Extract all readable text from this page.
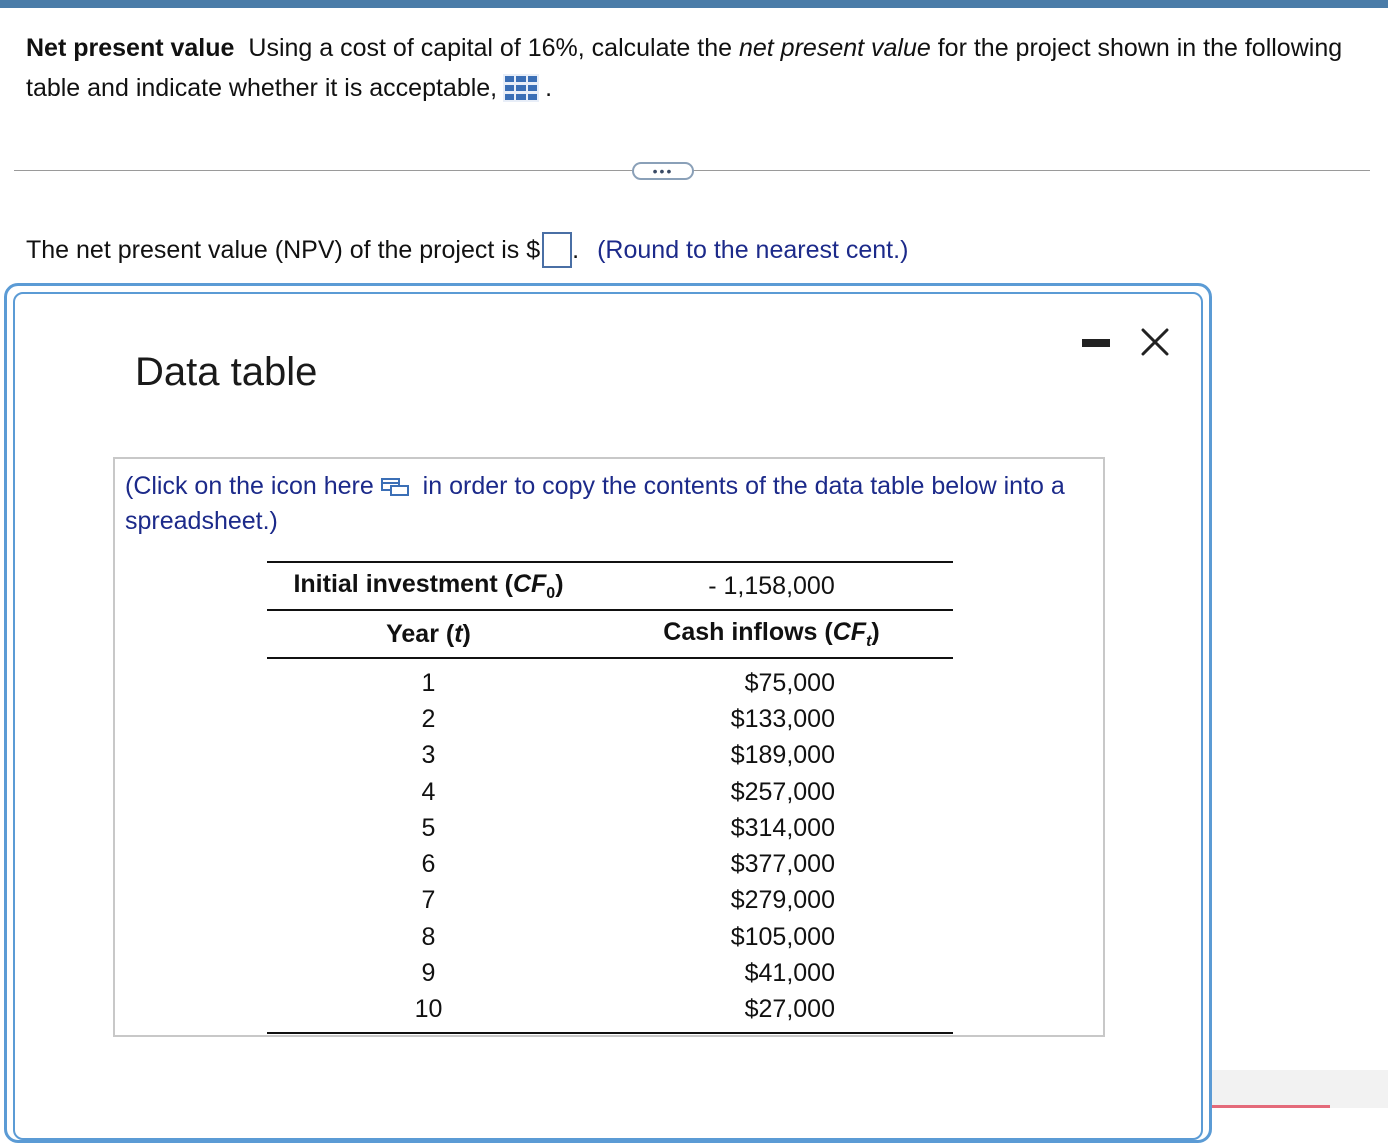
Net present value Using a cost of capital of 16%, calculate the net present value for the project shown in the following table and indicate whether it is acceptable, .
•••
The net present value (NPV) of the project is $ . (Round to the nearest cent.)
Data table
(Click on the icon here in order to copy the contents of the data table below into a spreadsheet.)
Initial investment $(CF_0)$	- 1,158,000
Year (t)	Cash inflows $(CF_t)$
1	$75,000
2	$133,000
3	$189,000
4	$257,000
5	$314,000
6	$377,000
7	$279,000
8	$105,000
9	$41,000
10	$27,000
